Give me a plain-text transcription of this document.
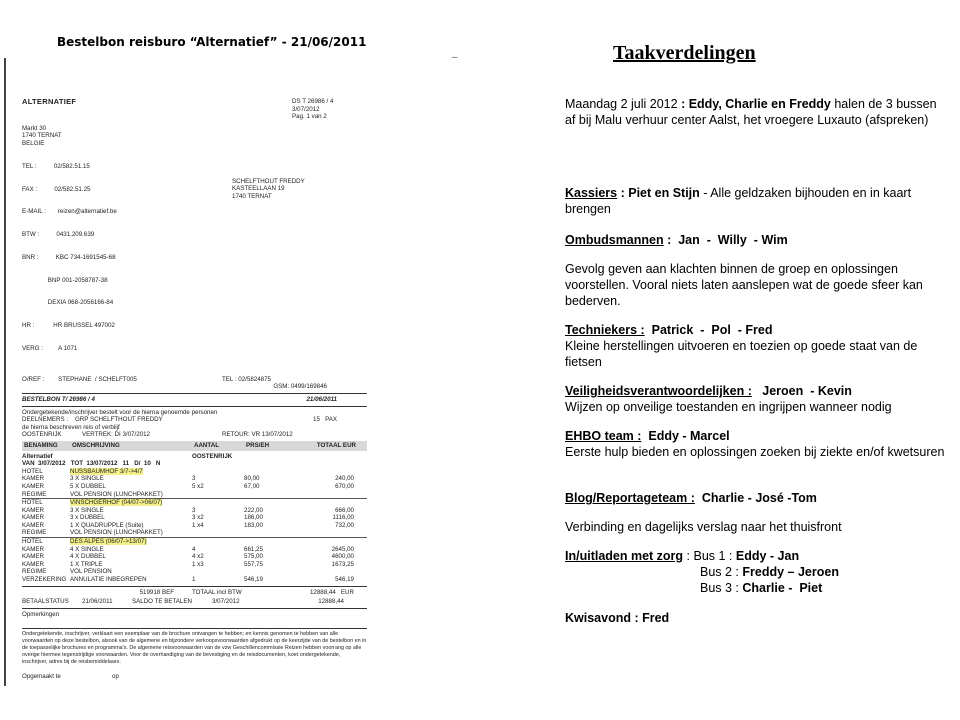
Bestelbon reisburo “Alternatief” - 21/06/2011
–
ALTERNATIEF	DS T 26986 / 4
3/07/2012
Pag. 1 van 2
Markt 30
1740 TERNAT
BELGIE

TEL :          02/582.51.15

FAX :          02/582.51.25

E-MAIL :       reizen@alternatief.be

BTW :          0431.209.639

BNR :          KBC 734-1691545-68

BNP 001-2058787-38

DEXIA 068-2056166-84

HR :           HR BRUSSEL 497002

VERG :         A 1071

SCHELFTHOUT FREDDY
KASTEELLAAN 19
1740 TERNAT
O/REF :        STEPHANE  / SCHELFT005	TEL : 02/5824875
GSM: 0499/169846
BESTELBON T/ 26986 / 4	21/06/2011
Ondergetekende/inschrijver bestelt voor de hierna genoemde personen
DEELNEMERS :    GRP SCHELFTHOUT FREDDY	15   PAX
de hierna beschreven reis of verblijf
OOSTENRIJK	VERTREK: DI 3/07/2012	RETOUR: VR 13/07/2012
BENAMING	OMSCHRIJVING	AANTAL	PRS/EH	TOTAAL EUR
Alternatief	OOSTENRIJK
VAN  3/07/2012   TOT  13/07/2012   11   D/  10   N
HOTEL	NUSSBAUMHOF 3/7->4/7
KAMER	3 X SINGLE	3	80,00	240,00
KAMER	5 X DUBBEL	5 x2	67,00	670,00
REGIME	VOL PENSION (LUNCHPAKKET)
HOTEL	VINSCHGERHOF (04/07->06/07)
KAMER	3 X SINGLE	3	222,00	666,00
KAMER	3 x DUBBEL	3 x2	186,00	1116,00
KAMER	1 X QUADRUPPLE (Suite)	1 x4	183,00	732,00
REGIME	VOL PENSION (LUNCHPAKKET)
HOTEL	DES ALPES (06/07->13/07)
KAMER	4 X SINGLE	4	661,25	2645,00
KAMER	4 X DUBBEL	4 x2	575,00	4600,00
KAMER	1 X TRIPLE	1 x3	557,75	1673,25
REGIME	VOL PENSION
VERZEKERING ANNULATIE INBEGREPEN	1	546,19	546,19
519918 BEF	TOTAAL incl BTW	12888,44   EUR
BETAALSTATUS	21/06/2011	SALDO TE BETALEN	3/07/2012	12888,44
Opmerkingen
Ondergetekende, inschrijver, verklaart een exemplaar van de brochure ontvangen te hebben; en kennis genomen te hebben van alle voorwaarden op deze bestelbon, alsook van de algemene en bijzondere verkoopsvoorwaarden afgedrukt op de keerzijde van de bestelbon en in de toepasselijke brochures en programma's. De algemene reisvoorwaarden van de vzw Geschillencommissie Reizen hebben voorrang op alle overige hiermee tegenstrijdige voorwaarden. Voor de overhandiging van de bevestiging en de reisdocumenten, koet ondergetekende, inschrijver, adres bij de reisbemiddelaars.
Opgemaakt te	op
Taakverdelingen
Maandag 2 juli 2012 : Eddy, Charlie en Freddy halen de 3 bussen af bij Malu verhuur center Aalst, het vroegere Luxauto (afspreken)
Kassiers : Piet en Stijn - Alle geldzaken bijhouden en in kaart brengen
Ombudsmannen :  Jan  -  Willy  - Wim
Gevolg geven aan klachten binnen de groep en oplossingen voorstellen. Vooral niets laten aanslepen wat de goede sfeer kan bederven.
Techniekers :  Patrick  -  Pol  - Fred
Kleine herstellingen uitvoeren en toezien op goede staat van de fietsen
Veiligheidsverantwoordelijken :   Jeroen  - Kevin
Wijzen op onveilige toestanden en ingrijpen wanneer nodig
EHBO team :  Eddy - Marcel
Eerste hulp bieden en oplossingen zoeken bij ziekte en/of kwetsuren
Blog/Reportageteam :  Charlie - José -Tom
Verbinding en dagelijks verslag naar het thuisfront
In/uitladen met zorg : Bus 1 : Eddy - Jan
Bus 2 : Freddy – Jeroen
Bus 3 : Charlie -  Piet
Kwisavond : Fred
